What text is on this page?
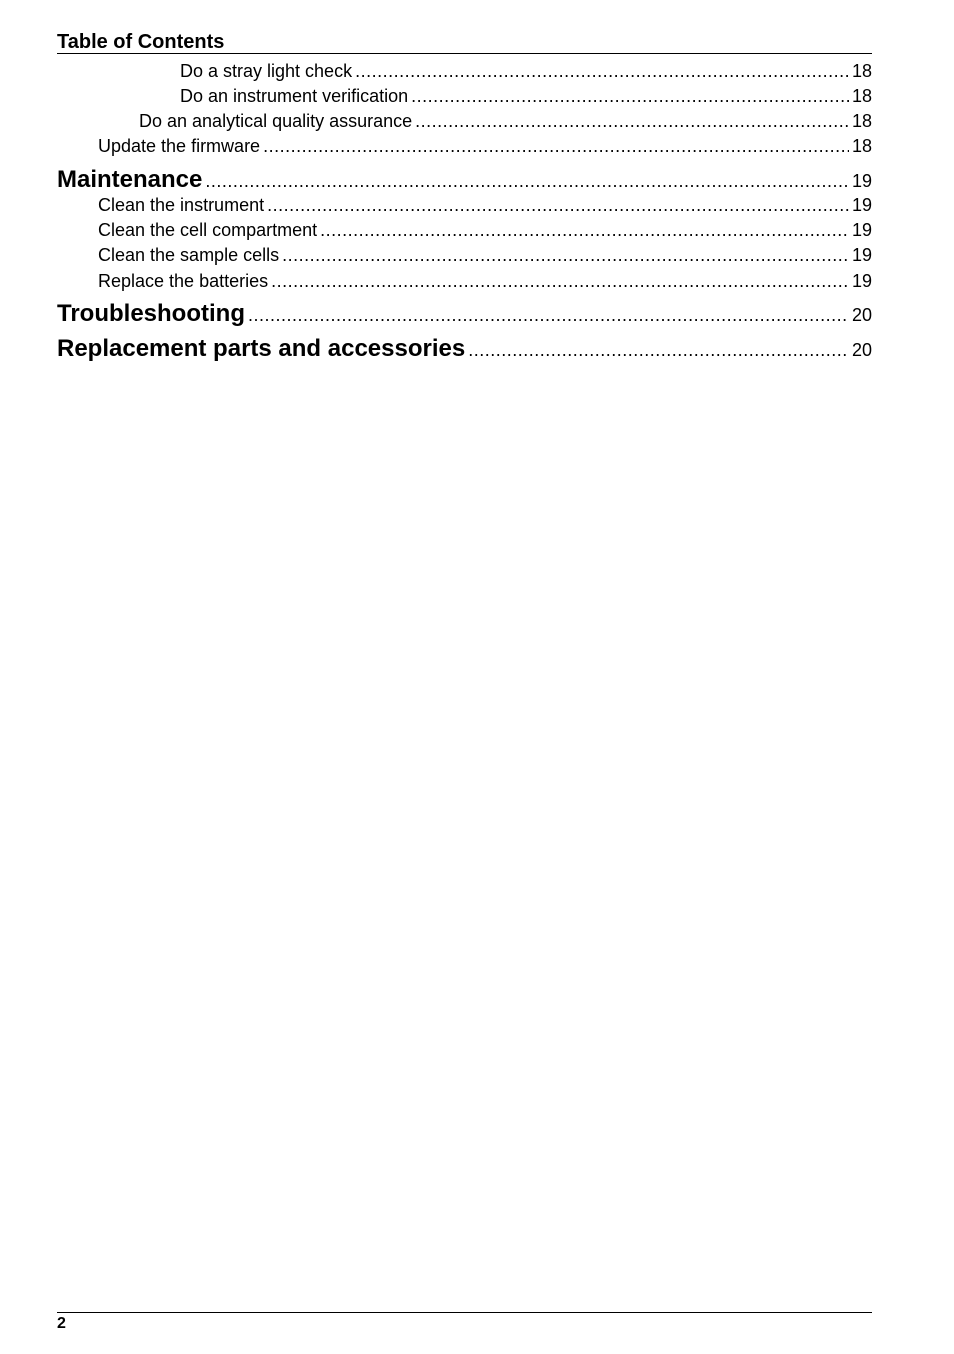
Table of Contents
Do a stray light check .....	18
Do an instrument verification .....	18
Do an analytical quality assurance .....	18
Update the firmware .....	18
Maintenance .....	19
Clean the instrument .....	19
Clean the cell compartment .....	19
Clean the sample cells .....	19
Replace the batteries .....	19
Troubleshooting .....	20
Replacement parts and accessories .....	20
2
